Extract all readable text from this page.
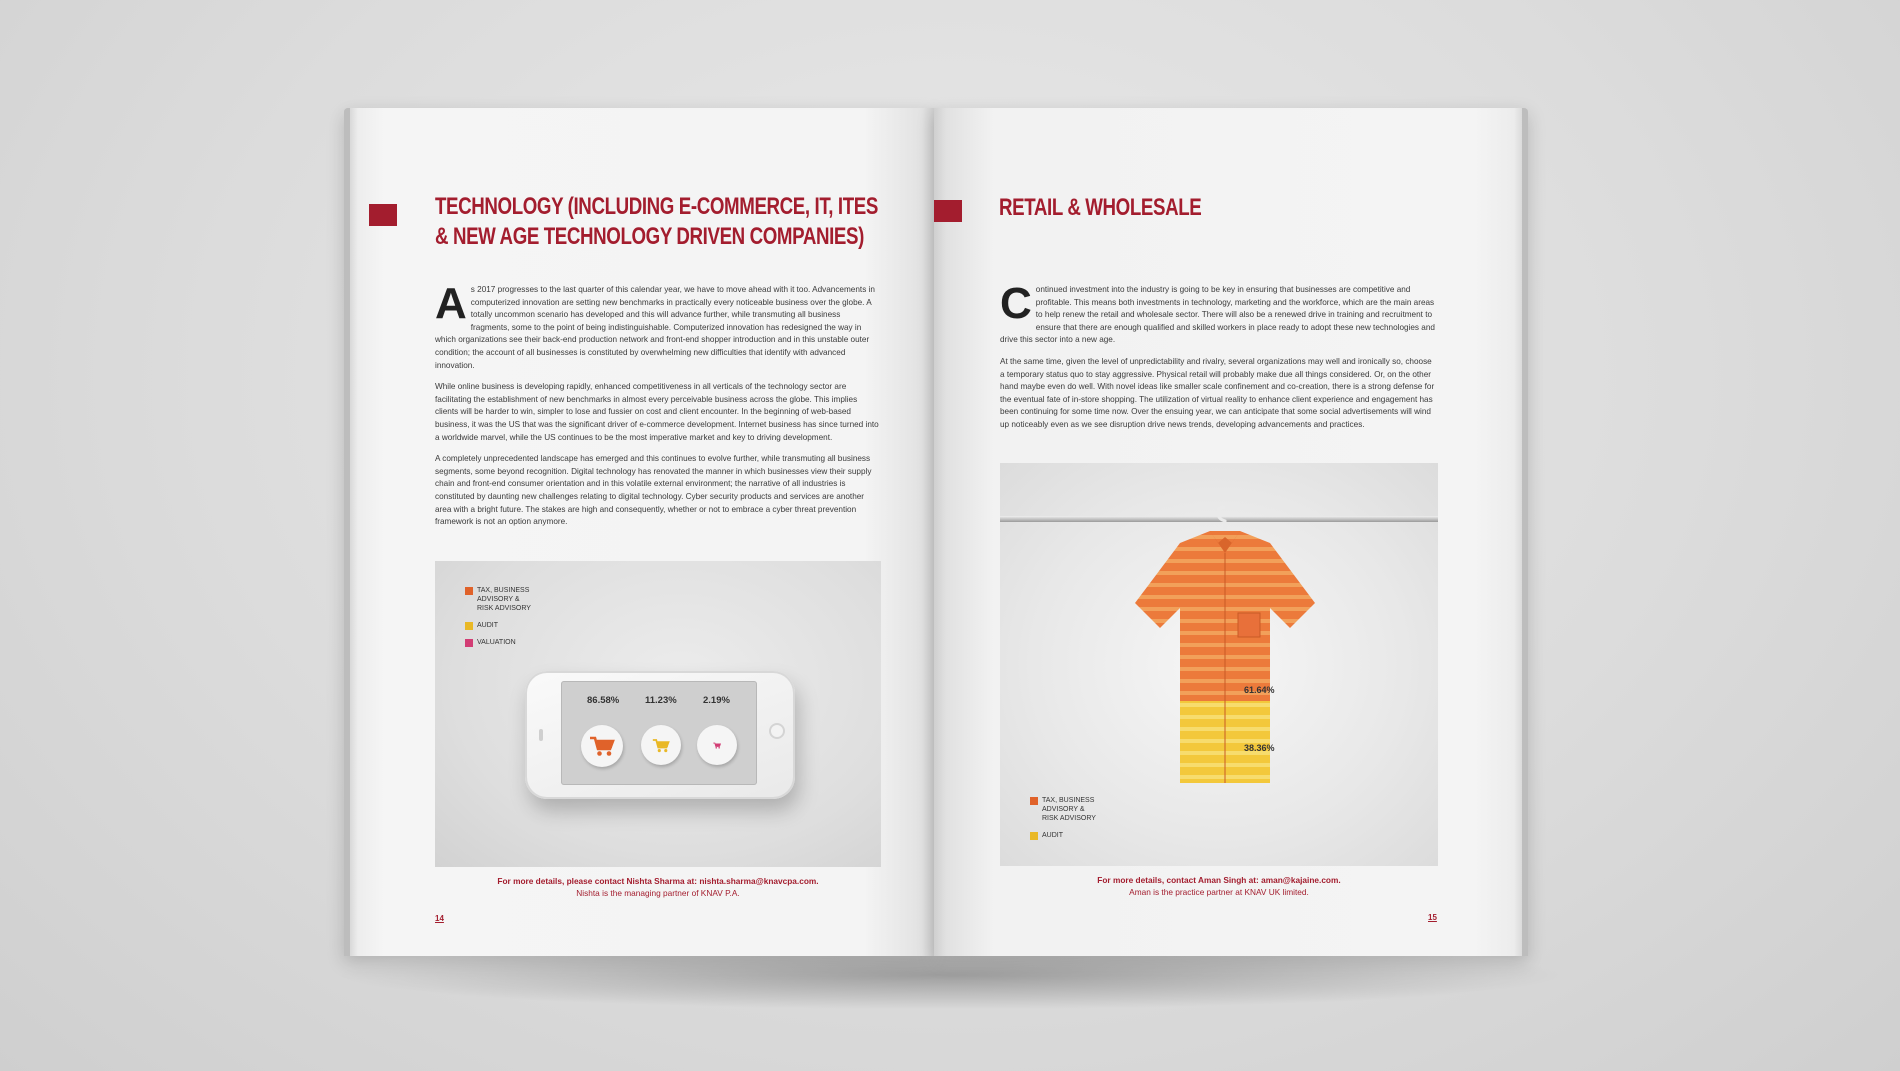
TECHNOLOGY (INCLUDING E-COMMERCE, IT, ITES
& NEW AGE TECHNOLOGY DRIVEN COMPANIES)

As 2017 progresses to the last quarter of this calendar year, we have to move ahead with it too. Advancements in computerized innovation are setting new benchmarks in practically every noticeable business over the globe. A totally uncommon scenario has developed and this will advance further, while transmuting all business fragments, some to the point of being indistinguishable. Computerized innovation has redesigned the way in which organizations see their back-end production network and front-end shopper introduction and in this unstable outer condition; the account of all businesses is constituted by overwhelming new difficulties that identify with advanced innovation.

While online business is developing rapidly, enhanced competitiveness in all verticals of the technology sector are facilitating the establishment of new benchmarks in almost every perceivable business across the globe. This implies clients will be harder to win, simpler to lose and fussier on cost and client encounter. In the beginning of web-based business, it was the US that was the significant driver of e-commerce development. Internet business has since turned into a worldwide marvel, while the US continues to be the most imperative market and key to driving development.

A completely unprecedented landscape has emerged and this continues to evolve further, while transmuting all business segments, some beyond recognition. Digital technology has renovated the manner in which businesses view their supply chain and front-end consumer orientation and in this volatile external environment; the narrative of all industries is constituted by daunting new challenges relating to digital technology. Cyber security products and services are another area with a bright future. The stakes are high and consequently, whether or not to embrace a cyber threat prevention framework is not an option anymore.

TAX, BUSINESS
ADVISORY &
RISK ADVISORY
AUDIT
VALUATION
86.58%	11.23%	2.19%
For more details, please contact Nishta Sharma at: nishta.sharma@knavcpa.com.
Nishta is the managing partner of KNAV P.A.
14
RETAIL & WHOLESALE

Continued investment into the industry is going to be key in ensuring that businesses are competitive and profitable. This means both investments in technology, marketing and the workforce, which are the main areas to help renew the retail and wholesale sector. There will also be a renewed drive in training and recruitment to ensure that there are enough qualified and skilled workers in place ready to adopt these new technologies and drive this sector into a new age.

At the same time, given the level of unpredictability and rivalry, several organizations may well and ironically so, choose a temporary status quo to stay aggressive. Physical retail will probably make due all things considered. Or, on the other hand maybe even do well. With novel ideas like smaller scale confinement and co-creation, there is a strong defense for the eventual fate of in-store shopping. The utilization of virtual reality to enhance client experience and engagement has been continuing for some time now. Over the ensuing year, we can anticipate that some social advertisements will wind up noticeably even as we see disruption drive news trends, developing advancements and practices.

61.64%
38.36%
TAX, BUSINESS
ADVISORY &
RISK ADVISORY
AUDIT
For more details, contact Aman Singh at: aman@kajaine.com.
Aman is the practice partner at KNAV UK limited.
15
